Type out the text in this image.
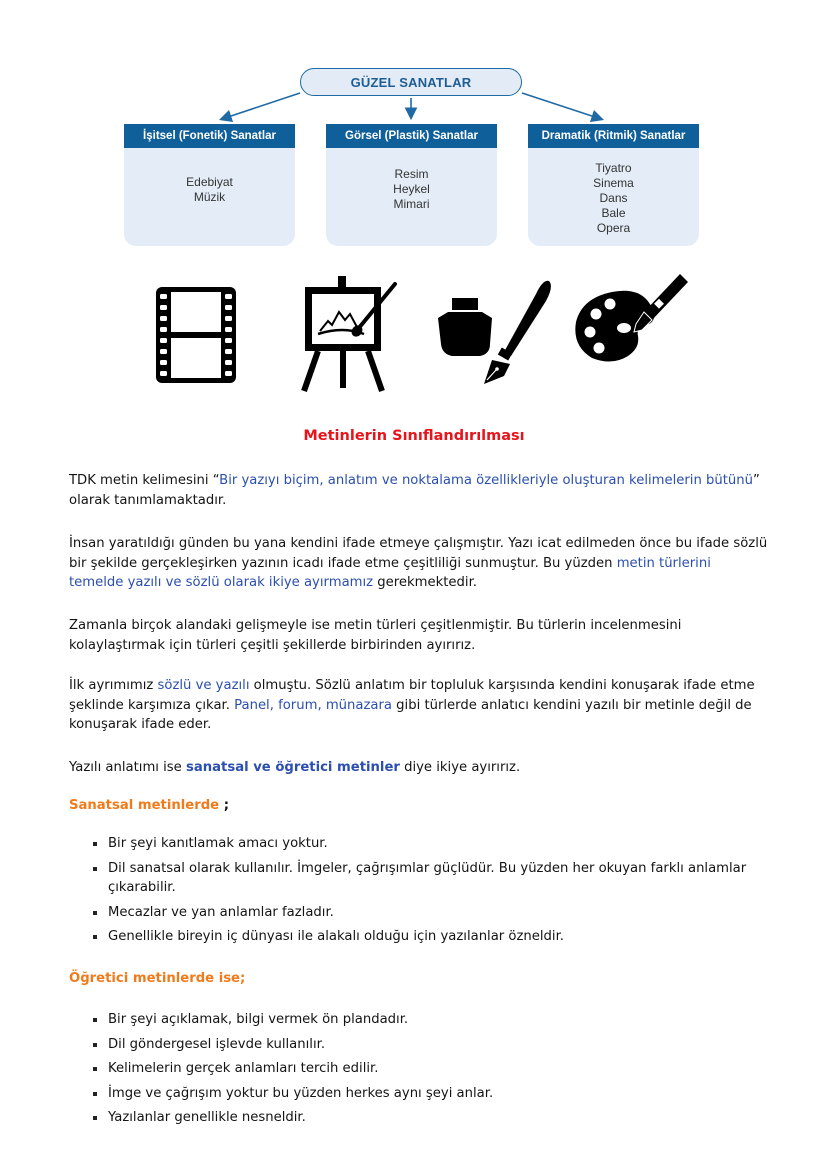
GÜZEL SANATLAR
İşitsel (Fonetik) Sanatlar
Edebiyat
Müzik
Görsel (Plastik) Sanatlar
Resim
Heykel
Mimari
Dramatik (Ritmik) Sanatlar
Tiyatro
Sinema
Dans
Bale
Opera
Metinlerin Sınıflandırılması

TDK metin kelimesini “Bir yazıyı biçim, anlatım ve noktalama özellikleriyle oluşturan kelimelerin bütünü” olarak tanımlamaktadır.

İnsan yaratıldığı günden bu yana kendini ifade etmeye çalışmıştır. Yazı icat edilmeden önce bu ifade sözlü bir şekilde gerçekleşirken yazının icadı ifade etme çeşitliliği sunmuştur. Bu yüzden metin türlerini temelde yazılı ve sözlü olarak ikiye ayırmamız gerekmektedir.

Zamanla birçok alandaki gelişmeyle ise metin türleri çeşitlenmiştir. Bu türlerin incelenmesini kolaylaştırmak için türleri çeşitli şekillerde birbirinden ayırırız.

İlk ayrımımız sözlü ve yazılı olmuştu. Sözlü anlatım bir topluluk karşısında kendini konuşarak ifade etme şeklinde karşımıza çıkar. Panel, forum, münazara gibi türlerde anlatıcı kendini yazılı bir metinle değil de konuşarak ifade eder.

Yazılı anlatımı ise sanatsal ve öğretici metinler diye ikiye ayırırız.

Sanatsal metinlerde ;

Bir şeyi kanıtlamak amacı yoktur.
Dil sanatsal olarak kullanılır. İmgeler, çağrışımlar güçlüdür. Bu yüzden her okuyan farklı anlamlar çıkarabilir.
Mecazlar ve yan anlamlar fazladır.
Genellikle bireyin iç dünyası ile alakalı olduğu için yazılanlar özneldir.

Öğretici metinlerde ise;

Bir şeyi açıklamak, bilgi vermek ön plandadır.
Dil göndergesel işlevde kullanılır.
Kelimelerin gerçek anlamları tercih edilir.
İmge ve çağrışım yoktur bu yüzden herkes aynı şeyi anlar.
Yazılanlar genellikle nesneldir.
